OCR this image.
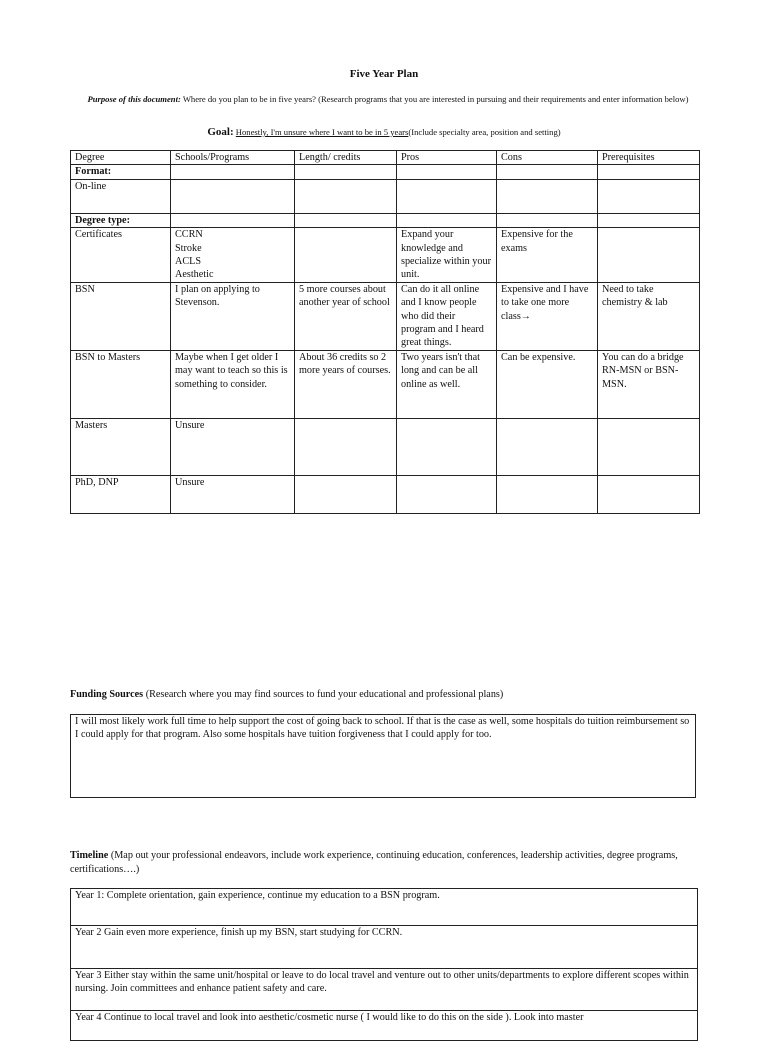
Five Year Plan
Purpose of this document: Where do you plan to be in five years? (Research programs that you are interested in pursuing and their requirements and enter information below)
Goal: Honestly, I'm unsure where I want to be in 5 years(Include specialty area, position and setting)
Degree	Schools/Programs	Length/ credits	Pros	Cons	Prerequisites
Format:					
On-line					
Degree type:					
Certificates	CCRN
Stroke
ACLS
Aesthetic		Expand your knowledge and specialize within your unit.	Expensive for the exams	
BSN	I plan on applying to Stevenson.	5 more courses about another year of school	Can do it all online and I know people who did their program and I heard great things.	Expensive and I have to take one more class→	Need to take chemistry & lab
BSN to Masters	Maybe when I get older I may want to teach so this is something to consider.	About 36 credits so 2 more years of courses.	Two years isn't that long and can be all online as well.	Can be expensive.	You can do a bridge RN-MSN or BSN-MSN.
Masters	Unsure				
PhD, DNP	Unsure				
Funding Sources (Research where you may find sources to fund your educational and professional plans)
I will most likely work full time to help support the cost of going back to school. If that is the case as well, some hospitals do tuition reimbursement so I could apply for that program. Also some hospitals have tuition forgiveness that I could apply for too.
Timeline (Map out your professional endeavors, include work experience, continuing education, conferences, leadership activities, degree programs, certifications….)
Year 1: Complete orientation, gain experience, continue my education to a BSN program.
Year 2 Gain even more experience, finish up my BSN, start studying for CCRN.
Year 3 Either stay within the same unit/hospital or leave to do local travel and venture out to other units/departments to explore different scopes within nursing. Join committees and enhance patient safety and care.
Year 4 Continue to local travel and look into aesthetic/cosmetic nurse ( I would like to do this on the side ). Look into master
